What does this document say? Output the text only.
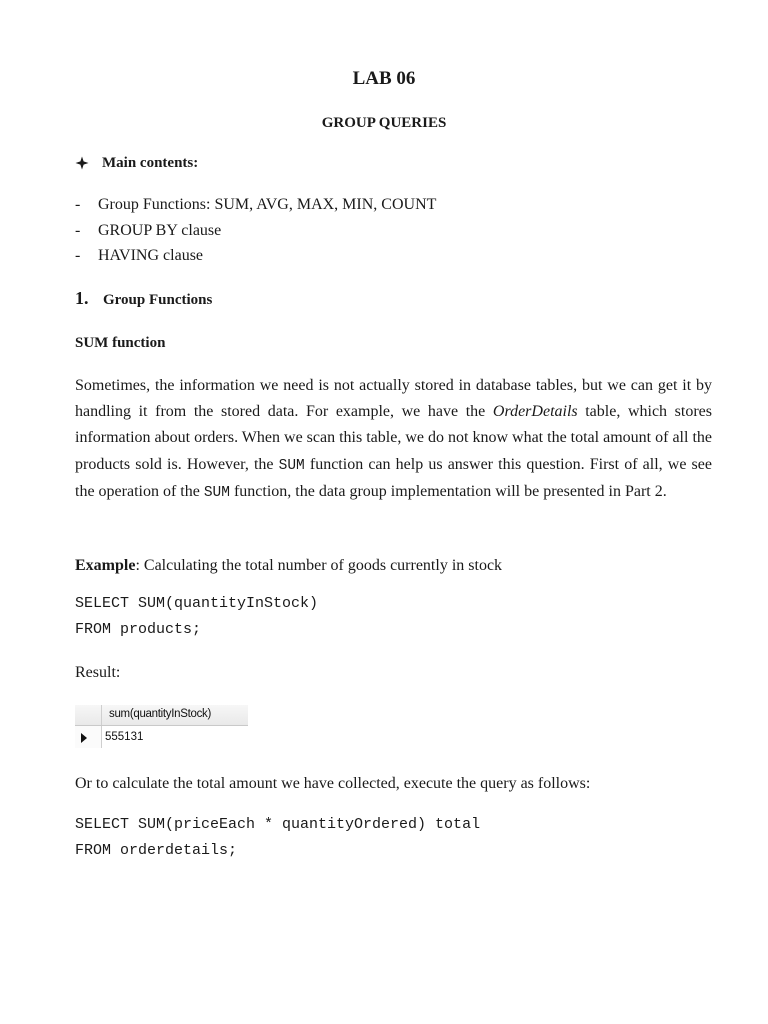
LAB 06
GROUP QUERIES
Main contents:
-	Group Functions: SUM, AVG, MAX, MIN, COUNT
-	GROUP BY clause
-	HAVING clause
1. Group Functions
SUM function

Sometimes, the information we need is not actually stored in database tables, but we can get it by handling it from the stored data. For example, we have the OrderDetails table, which stores information about orders. When we scan this table, we do not know what the total amount of all the products sold is. However, the SUM function can help us answer this question. First of all, we see the operation of the SUM function, the data group implementation will be presented in Part 2.

Example: Calculating the total number of goods currently in stock
SELECT SUM(quantityInStock)
FROM products;
Result:
sum(quantityInStock)
555131
Or to calculate the total amount we have collected, execute the query as follows:
SELECT SUM(priceEach * quantityOrdered) total
FROM orderdetails;
